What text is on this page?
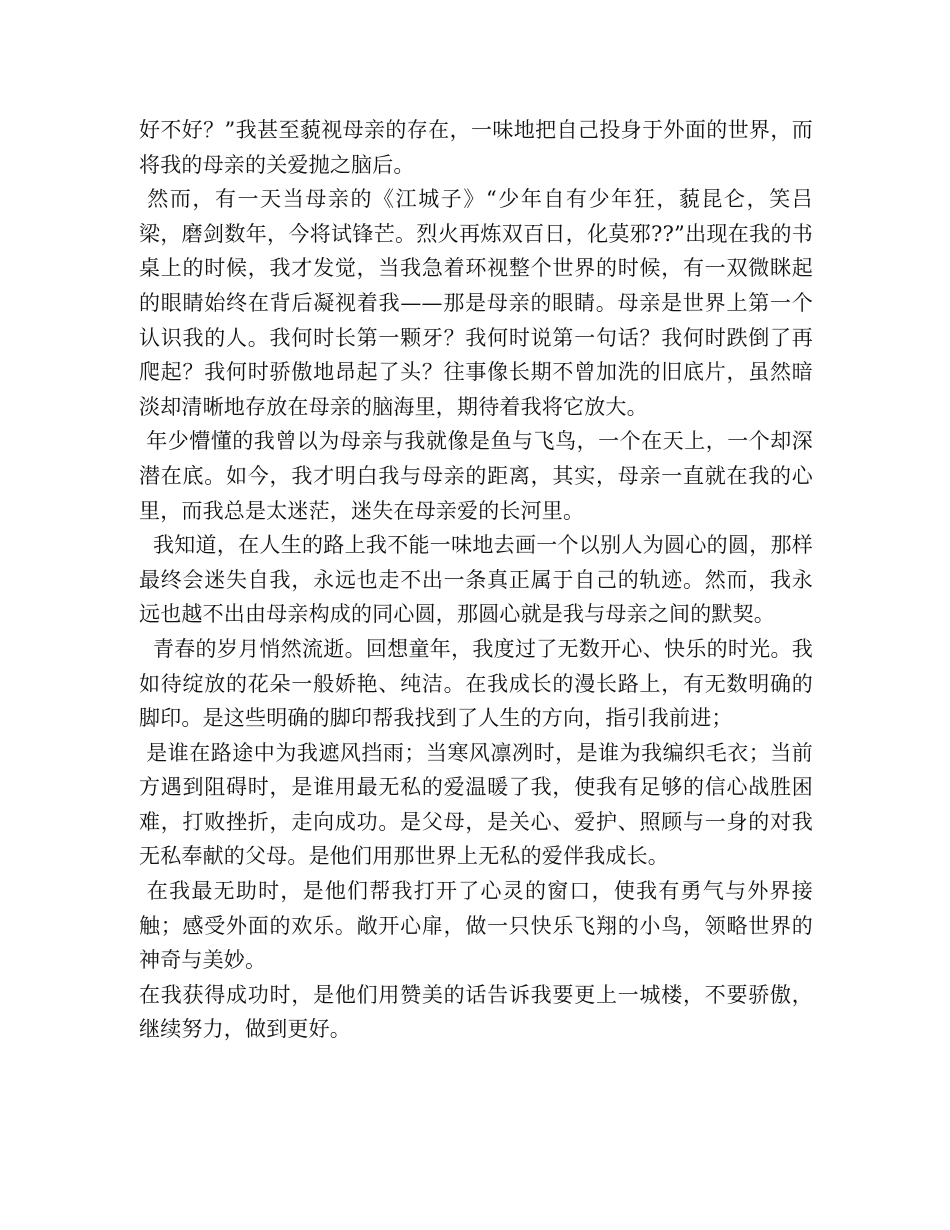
好不好？”我甚至藐视母亲的存在，一味地把自己投身于外面的世界，而将我的母亲的关爱抛之脑后。

然而，有一天当母亲的《江城子》“少年自有少年狂，藐昆仑，笑吕梁，磨剑数年，今将试锋芒。烈火再炼双百日，化莫邪??”出现在我的书桌上的时候，我才发觉，当我急着环视整个世界的时候，有一双微眯起的眼睛始终在背后凝视着我——那是母亲的眼睛。母亲是世界上第一个认识我的人。我何时长第一颗牙？我何时说第一句话？我何时跌倒了再爬起？我何时骄傲地昂起了头？往事像长期不曾加洗的旧底片，虽然暗淡却清晰地存放在母亲的脑海里，期待着我将它放大。

年少懵懂的我曾以为母亲与我就像是鱼与飞鸟，一个在天上，一个却深潜在底。如今，我才明白我与母亲的距离，其实，母亲一直就在我的心里，而我总是太迷茫，迷失在母亲爱的长河里。

我知道，在人生的路上我不能一味地去画一个以别人为圆心的圆，那样最终会迷失自我，永远也走不出一条真正属于自己的轨迹。然而，我永远也越不出由母亲构成的同心圆，那圆心就是我与母亲之间的默契。

青春的岁月悄然流逝。回想童年，我度过了无数开心、快乐的时光。我如待绽放的花朵一般娇艳、纯洁。在我成长的漫长路上，有无数明确的脚印。是这些明确的脚印帮我找到了人生的方向，指引我前进；

是谁在路途中为我遮风挡雨；当寒风凛冽时，是谁为我编织毛衣；当前方遇到阻碍时，是谁用最无私的爱温暖了我，使我有足够的信心战胜困难，打败挫折，走向成功。是父母，是关心、爱护、照顾与一身的对我无私奉献的父母。是他们用那世界上无私的爱伴我成长。

在我最无助时，是他们帮我打开了心灵的窗口，使我有勇气与外界接触；感受外面的欢乐。敞开心扉，做一只快乐飞翔的小鸟，领略世界的神奇与美妙。

在我获得成功时，是他们用赞美的话告诉我要更上一城楼，不要骄傲，继续努力，做到更好。
